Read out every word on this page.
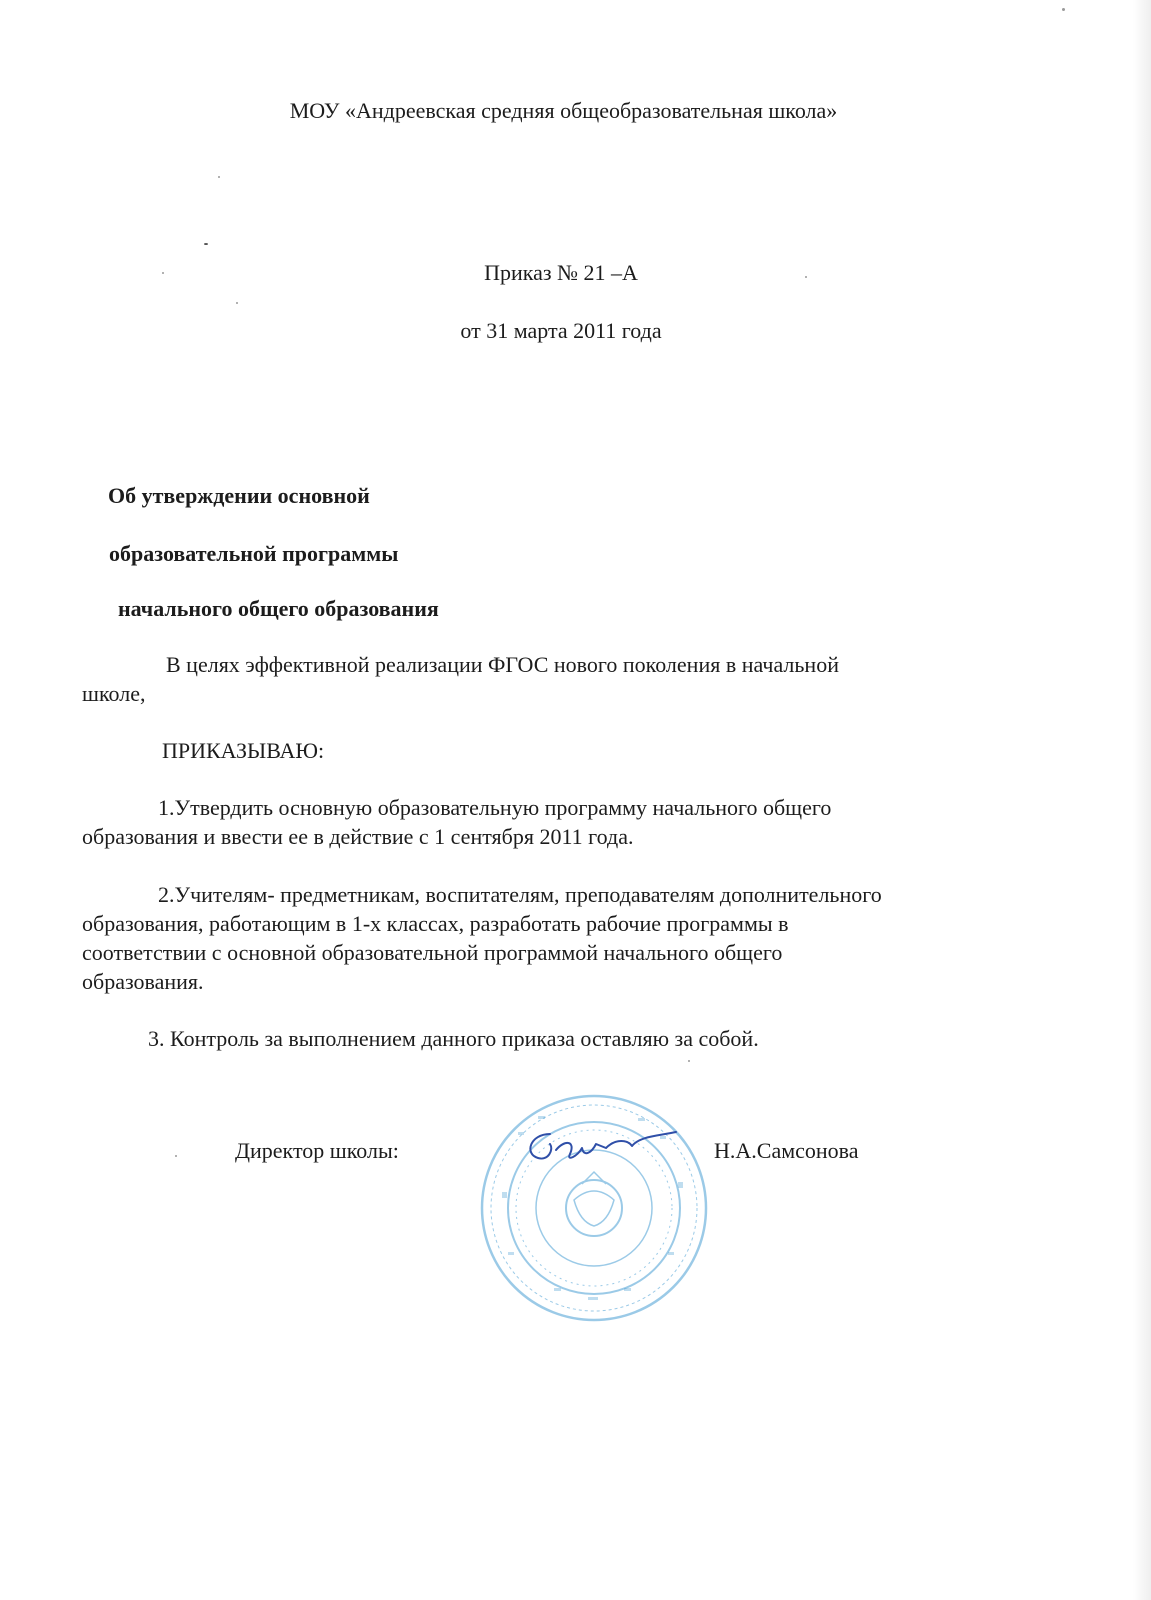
МОУ «Андреевская средняя общеобразовательная школа»
Приказ № 21 –А
от 31 марта 2011 года
Об утверждении основной
образовательной программы
начального общего образования
В целях эффективной реализации ФГОС нового поколения в начальной
школе,
ПРИКАЗЫВАЮ:
1.Утвердить основную образовательную программу начального общего
образования и ввести ее в действие с 1 сентября 2011 года.
2.Учителям- предметникам, воспитателям, преподавателям дополнительного
образования, работающим в 1-х классах, разработать рабочие программы в
соответствии с основной образовательной программой начального общего
образования.
3. Контроль за выполнением данного приказа оставляю за собой.
Директор школы:	Н.А.Самсонова
